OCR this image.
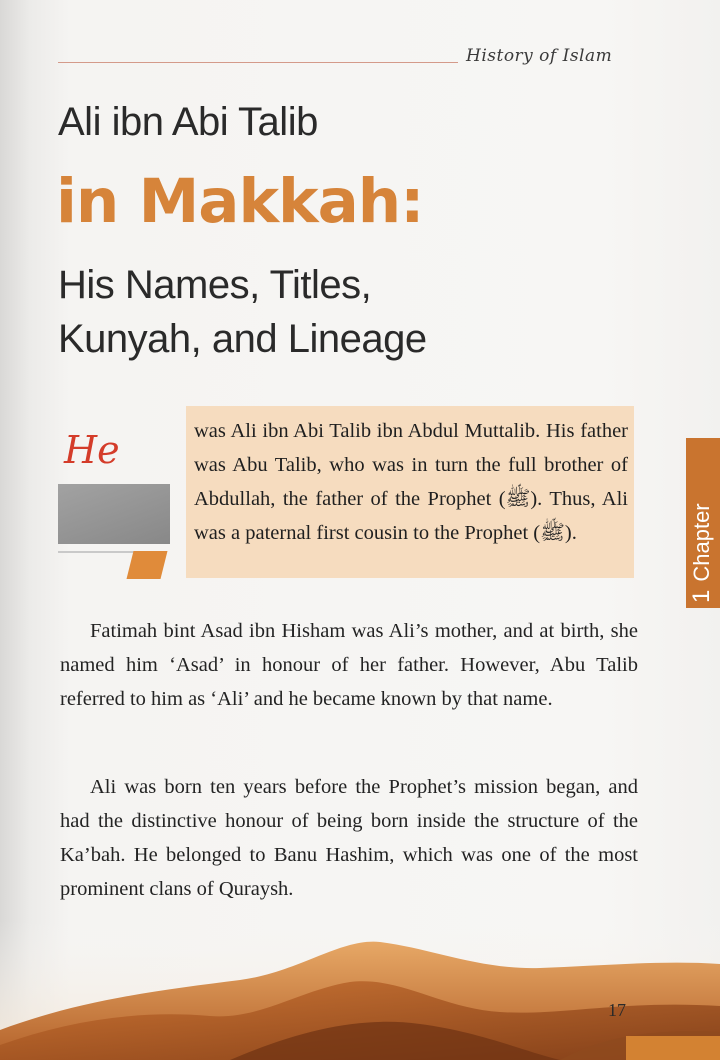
History of Islam
Ali ibn Abi Talib
in Makkah:
His Names, Titles,
Kunyah, and Lineage
1Chapter
He	was Ali ibn Abi Talib ibn Abdul Muttalib. His father was Abu Talib, who was in turn the full brother of Abdullah, the father of the Prophet (ﷺ). Thus, Ali was a paternal first cousin to the Prophet (ﷺ).

Fatimah bint Asad ibn Hisham was Ali’s mother, and at birth, she named him ‘Asad’ in honour of her father. However, Abu Talib referred to him as ‘Ali’ and he became known by that name.

Ali was born ten years before the Prophet’s mission began, and had the distinctive honour of being born inside the structure of the Ka’bah. He belonged to Banu Hashim, which was one of the most prominent clans of Quraysh.

17
